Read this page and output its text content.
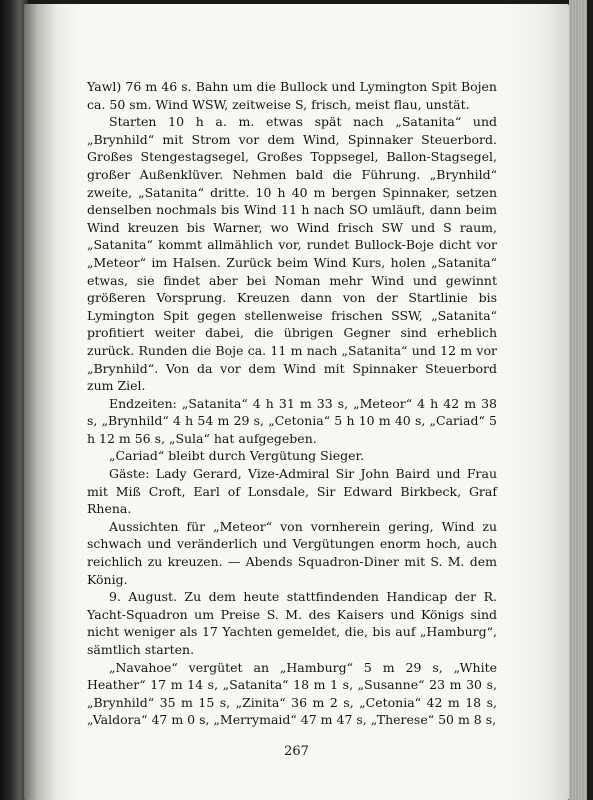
Yawl) 76 m 46 s. Bahn um die Bullock und Lymington Spit Bojen ca. 50 sm. Wind WSW, zeitweise S, frisch, meist flau, unstät.

Starten 10 h a. m. etwas spät nach „Satanita“ und „Brynhild“ mit Strom vor dem Wind, Spinnaker Steuerbord. Großes Stengestagsegel, Großes Toppsegel, Ballon-Stagsegel, großer Außenklüver. Nehmen bald die Führung. „Brynhild“ zweite, „Satanita“ dritte. 10 h 40 m bergen Spinnaker, setzen denselben nochmals bis Wind 11 h nach SO umläuft, dann beim Wind kreuzen bis Warner, wo Wind frisch SW und S raum, „Satanita“ kommt allmählich vor, rundet Bullock-Boje dicht vor „Meteor“ im Halsen. Zurück beim Wind Kurs, holen „Satanita“ etwas, sie findet aber bei Noman mehr Wind und gewinnt größeren Vorsprung. Kreuzen dann von der Startlinie bis Lymington Spit gegen stellenweise frischen SSW, „Satanita“ profitiert weiter dabei, die übrigen Gegner sind erheblich zurück. Runden die Boje ca. 11 m nach „Satanita“ und 12 m vor „Brynhild“. Von da vor dem Wind mit Spinnaker Steuerbord zum Ziel.

Endzeiten: „Satanita“ 4 h 31 m 33 s, „Meteor“ 4 h 42 m 38 s, „Brynhild“ 4 h 54 m 29 s, „Cetonia“ 5 h 10 m 40 s, „Cariad“ 5 h 12 m 56 s, „Sula“ hat aufgegeben.

„Cariad“ bleibt durch Vergütung Sieger.

Gäste: Lady Gerard, Vize-Admiral Sir John Baird und Frau mit Miß Croft, Earl of Lonsdale, Sir Edward Birkbeck, Graf Rhena.

Aussichten für „Meteor“ von vornherein gering, Wind zu schwach und veränderlich und Vergütungen enorm hoch, auch reichlich zu kreuzen. — Abends Squadron-Diner mit S. M. dem König.

9. August. Zu dem heute stattfindenden Handicap der R. Yacht-Squadron um Preise S. M. des Kaisers und Königs sind nicht weniger als 17 Yachten gemeldet, die, bis auf „Hamburg“, sämtlich starten.

„Navahoe“ vergütet an „Hamburg“ 5 m 29 s, „White Heather“ 17 m 14 s, „Satanita“ 18 m 1 s, „Susanne“ 23 m 30 s, „Brynhild“ 35 m 15 s, „Zinita“ 36 m 2 s, „Cetonia“ 42 m 18 s, „Valdora“ 47 m 0 s, „Merrymaid“ 47 m 47 s, „Therese“ 50 m 8 s,

267
